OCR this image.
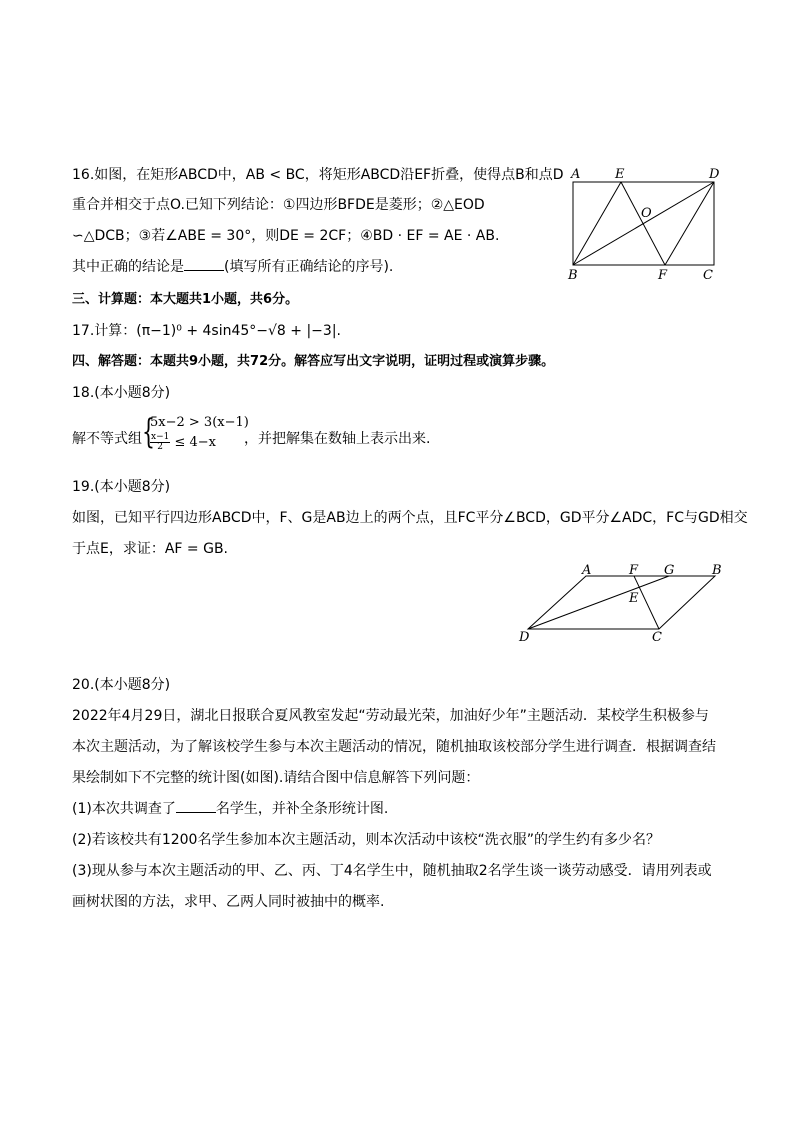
16.如图，在矩形ABCD中，AB < BC，将矩形ABCD沿EF折叠，使得点B和点D
重合并相交于点O.已知下列结论：①四边形BFDE是菱形；②△EOD
∽△DCB；③若∠ABE = 30°，则DE = 2CF；④BD · EF = AE · AB.
其中正确的结论是	(填写所有正确结论的序号).
A	E	D
O
B	F	C
三、计算题：本大题共1小题，共6分。
17.计算：(π−1)⁰ + 4sin45°−√8 + |−3|.
四、解答题：本题共9小题，共72分。解答应写出文字说明，证明过程或演算步骤。
18.(本小题8分)
解不等式组 {
5x−2 > 3(x−1)
$\frac{x-1}{2} \le 4-x$ ，并把解集在数轴上表示出来.
19.(本小题8分)
如图，已知平行四边形ABCD中，F、G是AB边上的两个点，且FC平分∠BCD，GD平分∠ADC，FC与GD相交
于点E，求证：AF = GB.
A	F G	B
E
D	C
20.(本小题8分)
2022年4月29日，湖北日报联合夏风教室发起“劳动最光荣，加油好少年”主题活动．某校学生积极参与
本次主题活动，为了解该校学生参与本次主题活动的情况，随机抽取该校部分学生进行调查．根据调查结
果绘制如下不完整的统计图(如图).请结合图中信息解答下列问题：
(1)本次共调查了	名学生，并补全条形统计图.
(2)若该校共有1200名学生参加本次主题活动，则本次活动中该校“洗衣服”的学生约有多少名？
(3)现从参与本次主题活动的甲、乙、丙、丁4名学生中，随机抽取2名学生谈一谈劳动感受．请用列表或
画树状图的方法，求甲、乙两人同时被抽中的概率.
